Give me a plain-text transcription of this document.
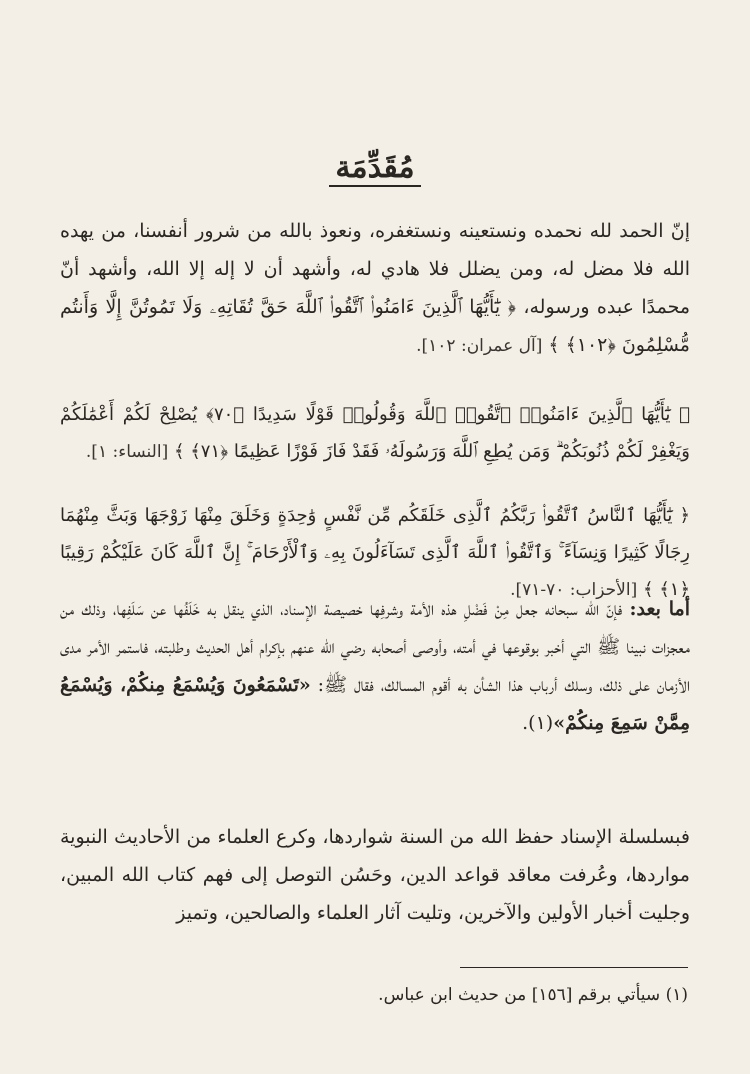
مُقَدِّمَة

إنّ الحمد لله نحمده ونستعينه ونستغفره، ونعوذ بالله من شرور أنفسنا، من يهده الله فلا مضل له، ومن يضلل فلا هادي له، وأشهد أن لا إله إلا الله، وأشهد أنّ محمدًا عبده ورسوله، ﴿ يَٰٓأَيُّهَا ٱلَّذِينَ ءَامَنُوا۟ ٱتَّقُوا۟ ٱللَّهَ حَقَّ تُقَاتِهِۦ وَلَا تَمُوتُنَّ إِلَّا وَأَنتُم مُّسْلِمُونَ ﴿١٠٢﴾ ﴾ [آل عمران: ١٠٢].

﴿ يَٰٓأَيُّهَا ٱلَّذِينَ ءَامَنُوا۟ ٱتَّقُوا۟ ٱللَّهَ وَقُولُوا۟ قَوْلًا سَدِيدًا ﴿٧٠﴾ يُصْلِحْ لَكُمْ أَعْمَٰلَكُمْ وَيَغْفِرْ لَكُمْ ذُنُوبَكُمْ ۗ وَمَن يُطِعِ ٱللَّهَ وَرَسُولَهُۥ فَقَدْ فَازَ فَوْزًا عَظِيمًا ﴿٧١﴾ ﴾ [النساء: ١].

﴿ يَٰٓأَيُّهَا ٱلنَّاسُ ٱتَّقُوا۟ رَبَّكُمُ ٱلَّذِى خَلَقَكُم مِّن نَّفْسٍ وَٰحِدَةٍ وَخَلَقَ مِنْهَا زَوْجَهَا وَبَثَّ مِنْهُمَا رِجَالًا كَثِيرًا وَنِسَآءً ۚ وَٱتَّقُوا۟ ٱللَّهَ ٱلَّذِى تَسَآءَلُونَ بِهِۦ وَٱلْأَرْحَامَ ۚ إِنَّ ٱللَّهَ كَانَ عَلَيْكُمْ رَقِيبًا ﴿١﴾ ﴾ [الأحزاب: ٧٠-٧١].

أما بعد: فإنّ الله سبحانه جعل مِنْ فَضْلِ هذه الأمة وشرفِها خصيصة الإسناد، الذي ينقل به خَلَفُها عن سَلَفِها، وذلك من معجزات نبينا ﷺ التي أخبر بوقوعها في أمته، وأوصى أصحابه رضي الله عنهم بإكرام أهل الحديث وطلبته، فاستمر الأمر مدى الأزمان على ذلك، وسلك أرباب هذا الشأن به أقوم المسالك، فقال ﷺ: «تَسْمَعُونَ وَيُسْمَعُ مِنكُمْ، وَيُسْمَعُ مِمَّنْ سَمِعَ مِنكُمْ»(١).

فبسلسلة الإسناد حفظ الله من السنة شواردها، وكرع العلماء من الأحاديث النبوية مواردها، وعُرفت معاقد قواعد الدين، وحَسُن التوصل إلى فهم كتاب الله المبين، وجليت أخبار الأولين والآخرين، وتليت آثار العلماء والصالحين، وتميز

(١) سيأتي برقم [١٥٦] من حديث ابن عباس.
